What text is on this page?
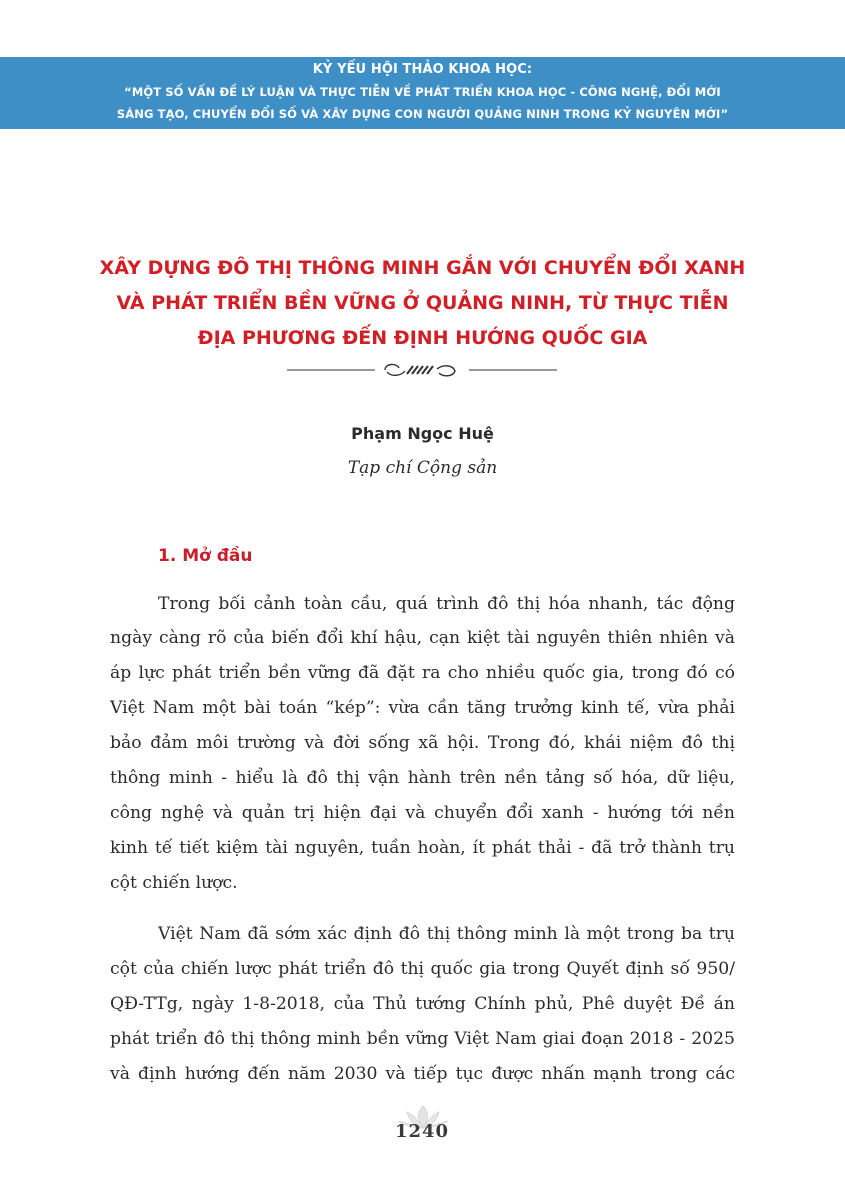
KỶ YẾU HỘI THẢO KHOA HỌC:
“MỘT SỐ VẤN ĐỀ LÝ LUẬN VÀ THỰC TIỄN VỀ PHÁT TRIỂN KHOA HỌC - CÔNG NGHỆ, ĐỔI MỚI
SÁNG TẠO, CHUYỂN ĐỔI SỐ VÀ XÂY DỰNG CON NGƯỜI QUẢNG NINH TRONG KỶ NGUYÊN MỚI”
XÂY DỰNG ĐÔ THỊ THÔNG MINH GẮN VỚI CHUYỂN ĐỔI XANH
VÀ PHÁT TRIỂN BỀN VỮNG Ở QUẢNG NINH, TỪ THỰC TIỄN
ĐỊA PHƯƠNG ĐẾN ĐỊNH HƯỚNG QUỐC GIA
Phạm Ngọc Huệ
Tạp chí Cộng sản
1. Mở đầu
Trong bối cảnh toàn cầu, quá trình đô thị hóa nhanh, tác động
ngày càng rõ của biến đổi khí hậu, cạn kiệt tài nguyên thiên nhiên và
áp lực phát triển bền vững đã đặt ra cho nhiều quốc gia, trong đó có
Việt Nam một bài toán “kép”: vừa cần tăng trưởng kinh tế, vừa phải
bảo đảm môi trường và đời sống xã hội. Trong đó, khái niệm đô thị
thông minh - hiểu là đô thị vận hành trên nền tảng số hóa, dữ liệu,
công nghệ và quản trị hiện đại và chuyển đổi xanh - hướng tới nền
kinh tế tiết kiệm tài nguyên, tuần hoàn, ít phát thải - đã trở thành trụ
cột chiến lược.
Việt Nam đã sớm xác định đô thị thông minh là một trong ba trụ
cột của chiến lược phát triển đô thị quốc gia trong Quyết định số 950/
QĐ-TTg, ngày 1-8-2018, của Thủ tướng Chính phủ, Phê duyệt Đề án
phát triển đô thị thông minh bền vững Việt Nam giai đoạn 2018 - 2025
và định hướng đến năm 2030 và tiếp tục được nhấn mạnh trong các
1240
